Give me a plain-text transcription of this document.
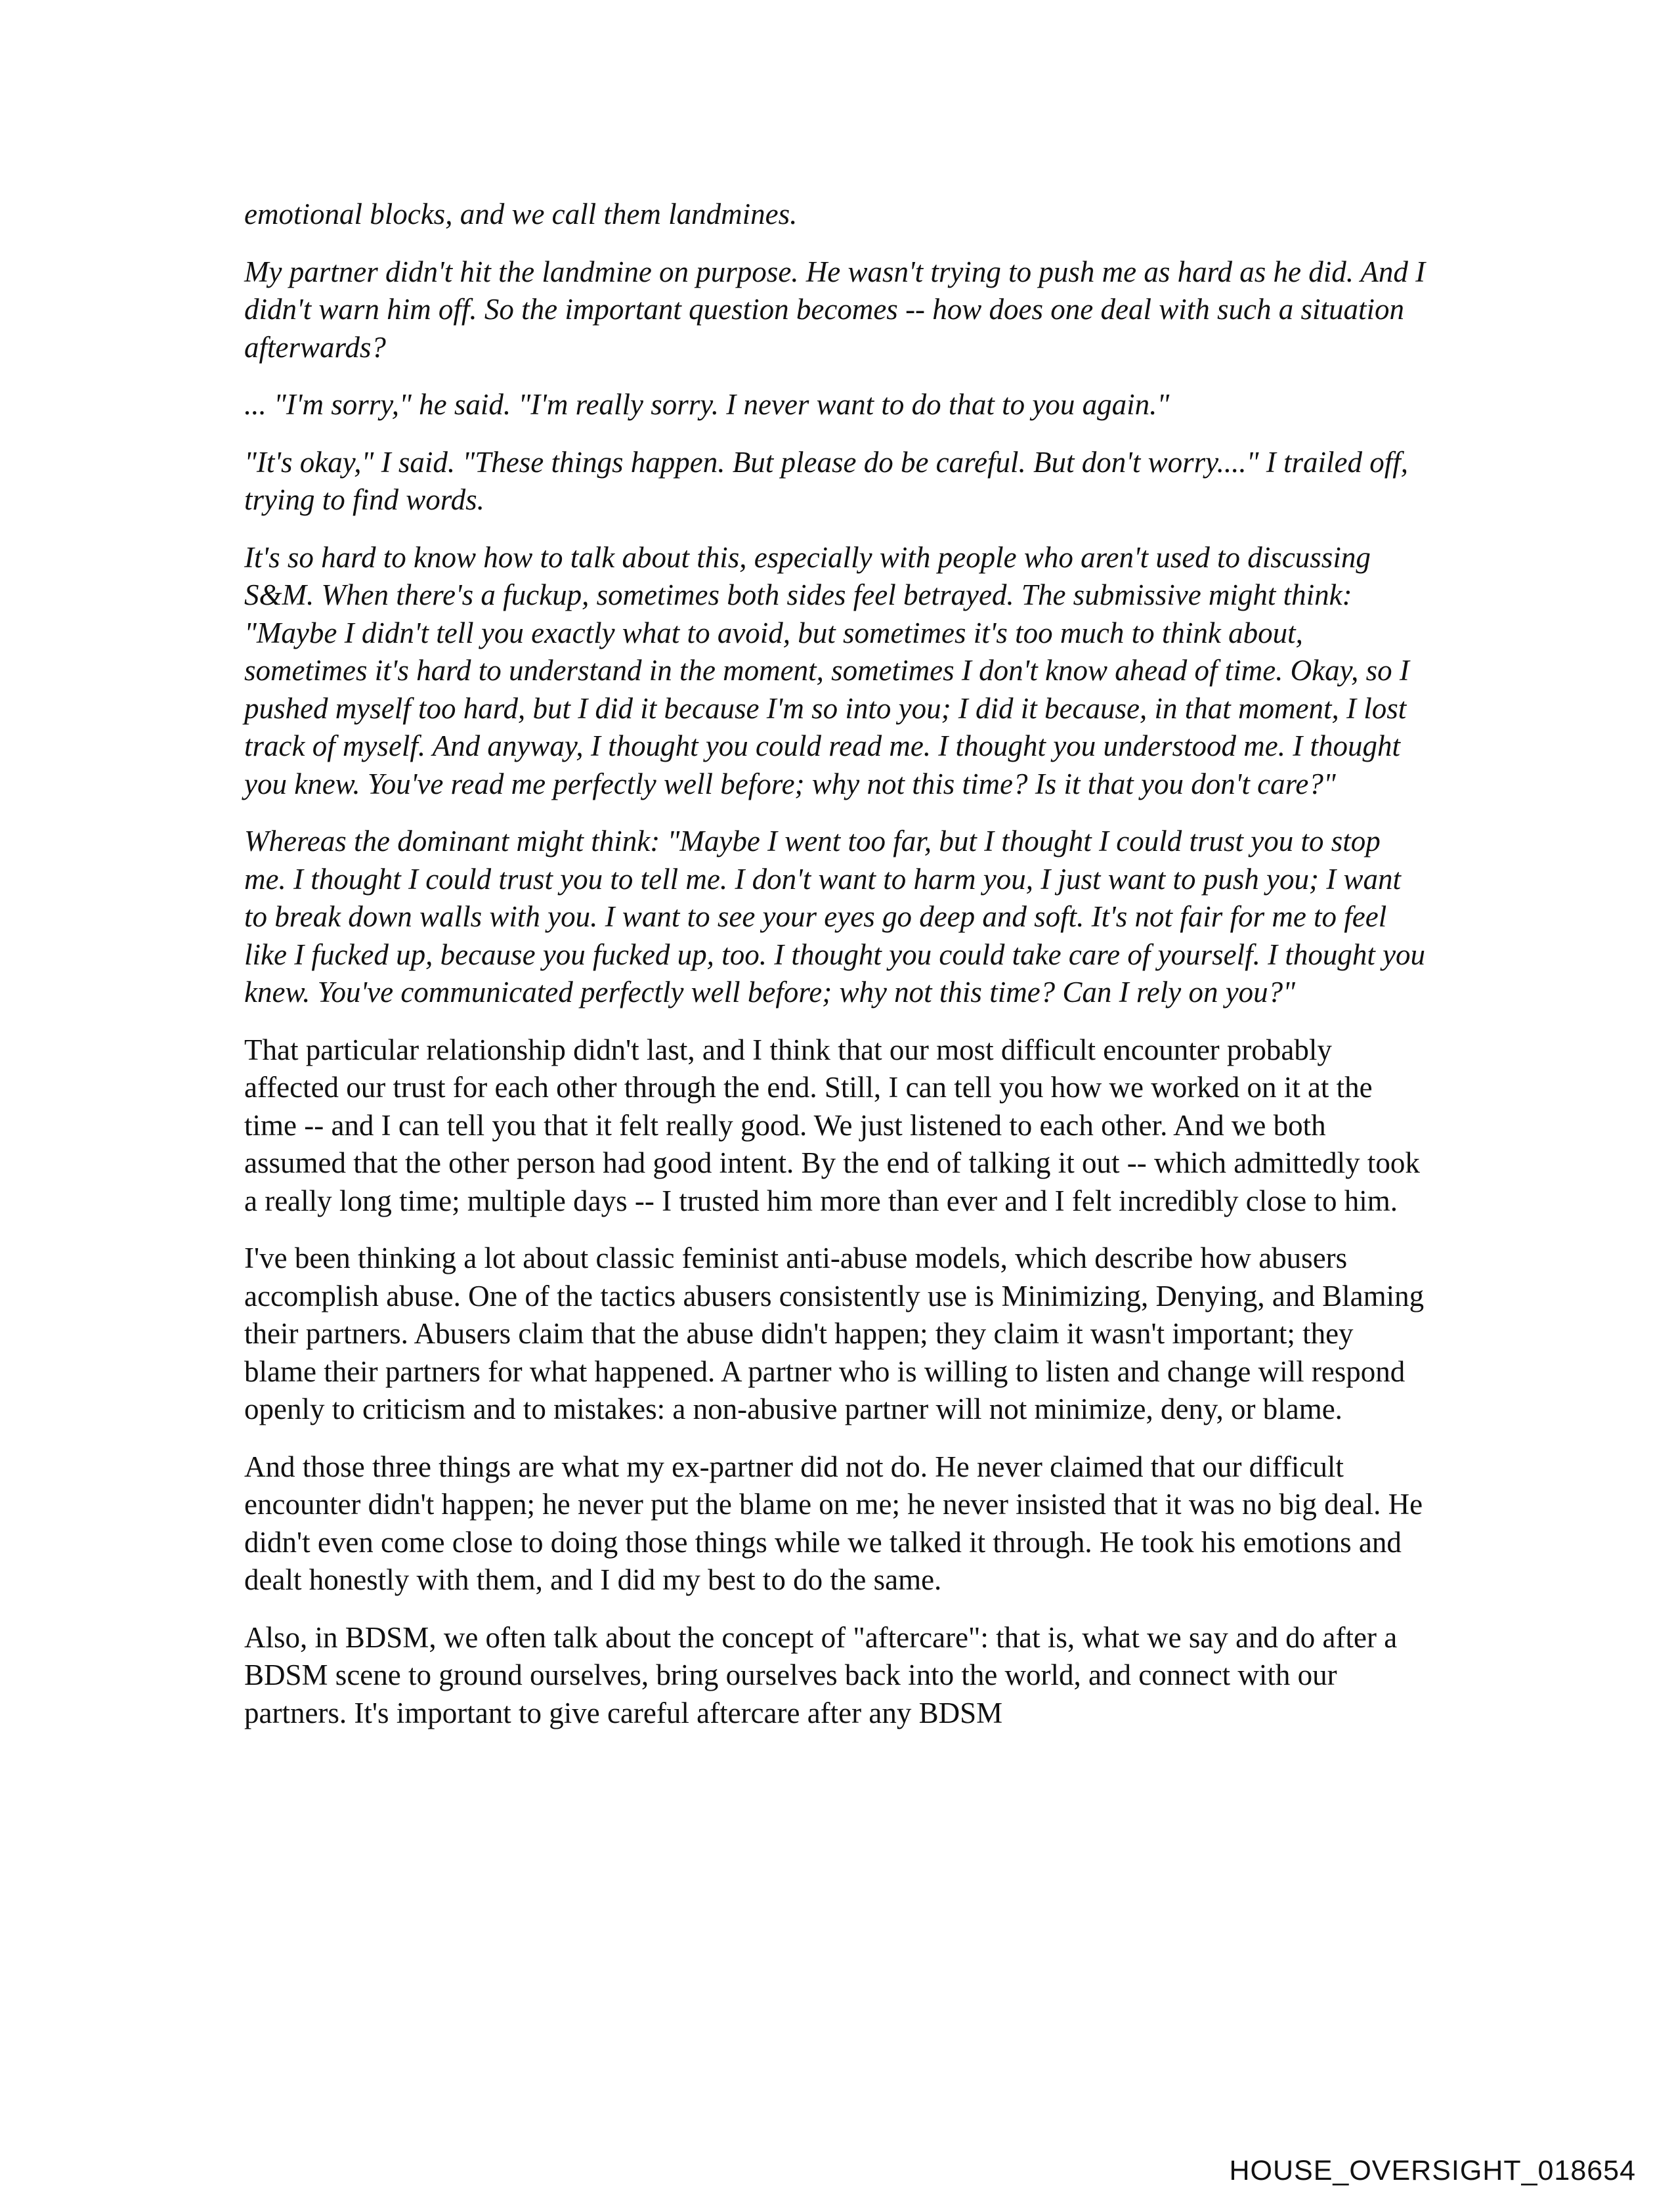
emotional blocks, and we call them landmines.

My partner didn't hit the landmine on purpose. He wasn't trying to push me as hard as he did. And I didn't warn him off. So the important question becomes -- how does one deal with such a situation afterwards?

... "I'm sorry," he said. "I'm really sorry. I never want to do that to you again."

"It's okay," I said. "These things happen. But please do be careful. But don't worry...." I trailed off, trying to find words.

It's so hard to know how to talk about this, especially with people who aren't used to discussing S&M. When there's a fuckup, sometimes both sides feel betrayed. The submissive might think: "Maybe I didn't tell you exactly what to avoid, but sometimes it's too much to think about, sometimes it's hard to understand in the moment, sometimes I don't know ahead of time. Okay, so I pushed myself too hard, but I did it because I'm so into you; I did it because, in that moment, I lost track of myself. And anyway, I thought you could read me. I thought you understood me. I thought you knew. You've read me perfectly well before; why not this time? Is it that you don't care?"

Whereas the dominant might think: "Maybe I went too far, but I thought I could trust you to stop me. I thought I could trust you to tell me. I don't want to harm you, I just want to push you; I want to break down walls with you. I want to see your eyes go deep and soft. It's not fair for me to feel like I fucked up, because you fucked up, too. I thought you could take care of yourself. I thought you knew. You've communicated perfectly well before; why not this time? Can I rely on you?"

That particular relationship didn't last, and I think that our most difficult encounter probably affected our trust for each other through the end. Still, I can tell you how we worked on it at the time -- and I can tell you that it felt really good. We just listened to each other. And we both assumed that the other person had good intent. By the end of talking it out -- which admittedly took a really long time; multiple days -- I trusted him more than ever and I felt incredibly close to him.

I've been thinking a lot about classic feminist anti-abuse models, which describe how abusers accomplish abuse. One of the tactics abusers consistently use is Minimizing, Denying, and Blaming their partners. Abusers claim that the abuse didn't happen; they claim it wasn't important; they blame their partners for what happened. A partner who is willing to listen and change will respond openly to criticism and to mistakes: a non-abusive partner will not minimize, deny, or blame.

And those three things are what my ex-partner did not do. He never claimed that our difficult encounter didn't happen; he never put the blame on me; he never insisted that it was no big deal. He didn't even come close to doing those things while we talked it through. He took his emotions and dealt honestly with them, and I did my best to do the same.

Also, in BDSM, we often talk about the concept of "aftercare": that is, what we say and do after a BDSM scene to ground ourselves, bring ourselves back into the world, and connect with our partners. It's important to give careful aftercare after any BDSM

HOUSE_OVERSIGHT_018654
